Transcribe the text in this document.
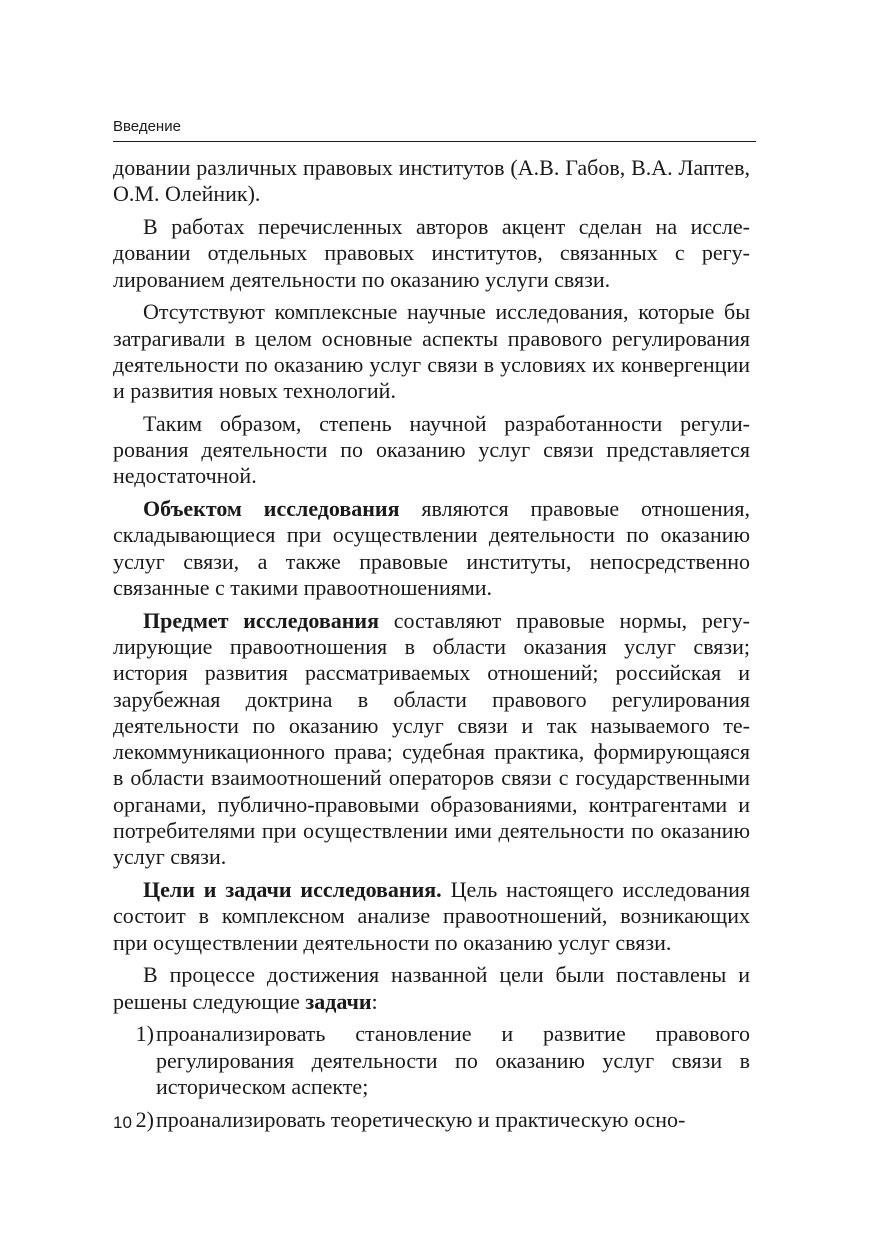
Введение

довании различных правовых институтов (А.В. Габов, В.А. Лаптев, О.М. Олейник).

В работах перечисленных авторов акцент сделан на исследовании отдельных правовых институтов, связанных с регулированием деятельности по оказанию услуги связи.

Отсутствуют комплексные научные исследования, которые бы затрагивали в целом основные аспекты правового регулирования деятельности по оказанию услуг связи в условиях их конвергенции и развития новых технологий.

Таким образом, степень научной разработанности регулирования деятельности по оказанию услуг связи представляется недостаточной.

Объектом исследования являются правовые отношения, складывающиеся при осуществлении деятельности по оказанию услуг связи, а также правовые институты, непосредственно связанные с такими правоотношениями.

Предмет исследования составляют правовые нормы, регулирующие правоотношения в области оказания услуг связи; история развития рассматриваемых отношений; российская и зарубежная доктрина в области правового регулирования деятельности по оказанию услуг связи и так называемого телекоммуникационного права; судебная практика, формирующаяся в области взаимоотношений операторов связи с государственными органами, публично-правовыми образованиями, контрагентами и потребителями при осуществлении ими деятельности по оказанию услуг связи.

Цели и задачи исследования. Цель настоящего исследования состоит в комплексном анализе правоотношений, возникающих при осуществлении деятельности по оказанию услуг связи.

В процессе достижения названной цели были поставлены и решены следующие задачи:

1) проанализировать становление и развитие правового регулирования деятельности по оказанию услуг связи в историческом аспекте;
2) проанализировать теоретическую и практическую осно-
10
